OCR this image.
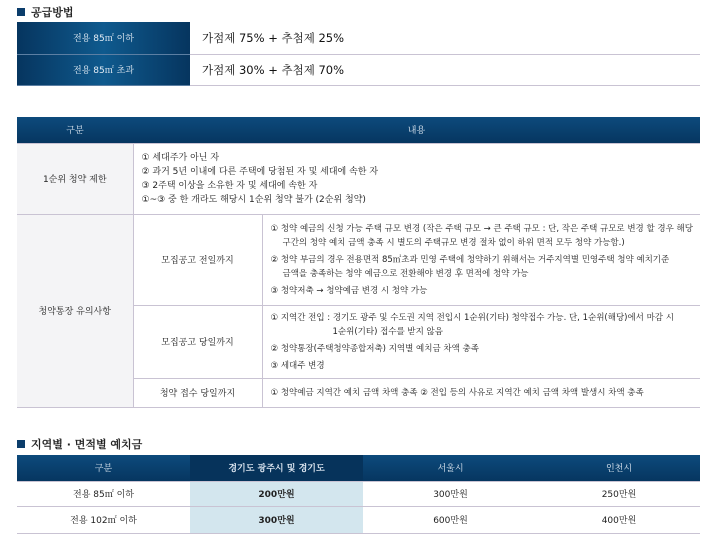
공급방법
전용 85㎡ 이하	가점제 75% + 추첨제 25%
전용 85㎡ 초과	가점제 30% + 추첨제 70%
구분	내용	
1순위 청약 제한	① 세대주가 아닌 자
② 과거 5년 이내에 다른 주택에 당첨된 자 및 세대에 속한 자
③ 2주택 이상을 소유한 자 및 세대에 속한 자
①~③ 중 한 개라도 해당시 1순위 청약 불가 (2순위 청약)	

청약통장 유의사항	모집공고 전일까지	① 청약 예금의 신청 가능 주택 규모 변경 (작은 주택 규모 → 큰 주택 규모 : 단, 작은 주택 규모로 변경 할 경우 해당
구간의 청약 예치 금액 충족 시 별도의 주택규모 변경 절차 없이 하위 면적 모두 청약 가능함.)
② 청약 부금의 경우 전용면적 85㎡초과 민영 주택에 청약하기 위해서는 거주지역별 민영주택 청약 예치기준
금액을 충족하는 청약 예금으로 전환해야 변경 후 면적에 청약 가능
③ 청약저축 → 청약예금 변경 시 청약 가능

	모집공고 당일까지	① 지역간 전입 : 경기도 광주 및 수도권 지역 전입시 1순위(기타) 청약접수 가능. 단, 1순위(해당)에서 마감 시
1순위(기타) 접수를 받지 않음
② 청약통장(주택청약종합저축) 지역별 예치금 차액 충족
③ 세대주 변경

	청약 접수 당일까지	① 청약예금 지역간 예치 금액 차액 충족 ② 전입 등의 사유로 지역간 예치 금액 차액 발생시 차액 충족
지역별 · 면적별 예치금
구분	경기도 광주시 및 경기도	서울시	인천시
전용 85㎡ 이하	200만원	300만원	250만원
전용 102㎡ 이하	300만원	600만원	400만원
